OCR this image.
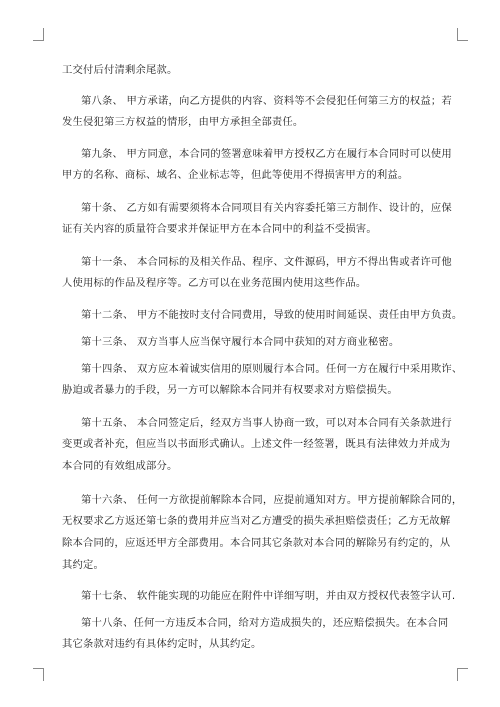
工交付后付清剩余尾款。
第八条、 甲方承诺，向乙方提供的内容、资料等不会侵犯任何第三方的权益；若
发生侵犯第三方权益的情形，由甲方承担全部责任。
第九条、 甲方同意，本合同的签署意味着甲方授权乙方在履行本合同时可以使用
甲方的名称、商标、域名、企业标志等，但此等使用不得损害甲方的利益。
第十条、 乙方如有需要须将本合同项目有关内容委托第三方制作、设计的，应保
证有关内容的质量符合要求并保证甲方在本合同中的利益不受损害。
第十一条、 本合同标的及相关作品、程序、文件源码，甲方不得出售或者许可他
人使用标的作品及程序等。乙方可以在业务范围内使用这些作品。
第十二条、 甲方不能按时支付合同费用，导致的使用时间延误、责任由甲方负责。
第十三条、 双方当事人应当保守履行本合同中获知的对方商业秘密。
第十四条、 双方应本着诚实信用的原则履行本合同。任何一方在履行中采用欺诈、
胁迫或者暴力的手段，另一方可以解除本合同并有权要求对方赔偿损失。
第十五条、 本合同签定后，经双方当事人协商一致，可以对本合同有关条款进行
变更或者补充，但应当以书面形式确认。上述文件一经签署，既具有法律效力并成为
本合同的有效组成部分。
第十六条、 任何一方欲提前解除本合同，应提前通知对方。甲方提前解除合同的，
无权要求乙方返还第七条的费用并应当对乙方遭受的损失承担赔偿责任；乙方无故解
除本合同的，应返还甲方全部费用。本合同其它条款对本合同的解除另有约定的，从
其约定。
第十七条、 软件能实现的功能应在附件中详细写明，并由双方授权代表签字认可.
第十八条、任何一方违反本合同，给对方造成损失的，还应赔偿损失。在本合同
其它条款对违约有具体约定时，从其约定。
